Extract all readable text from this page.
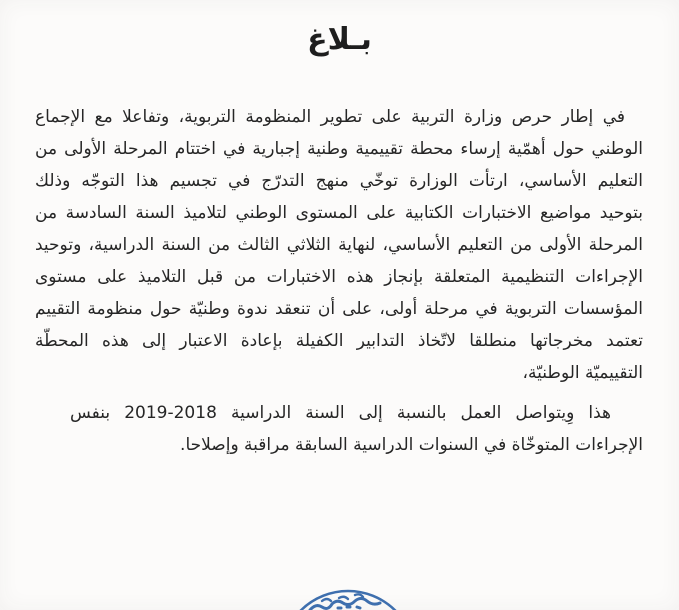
بـلاغ
في إطار حرص وزارة التربية على تطوير المنظومة التربوية، وتفاعلا مع الإجماع
الوطني حول أهمّية إرساء محطة تقييمية وطنية إجبارية في اختتام المرحلة الأولى من
التعليم الأساسي، ارتأت الوزارة توخّي منهج التدرّج في تجسيم هذا التوجّه وذلك
بتوحيد مواضيع الاختبارات الكتابية على المستوى الوطني لتلاميذ السنة السادسة من
المرحلة الأولى من التعليم الأساسي، لنهاية الثلاثي الثالث من السنة الدراسية، وتوحيد
الإجراءات التنظيمية المتعلقة بإنجاز هذه الاختبارات من قبل التلاميذ على مستوى
المؤسسات التربوية في مرحلة أولى، على أن تنعقد ندوة وطنيّة حول منظومة التقييم
تعتمد مخرجاتها منطلقا لاتّخاذ التدابير الكفيلة بإعادة الاعتبار إلى هذه المحطّة
التقييميّة الوطنيّة،
هذا وِيتواصل العمل بالنسبة إلى السنة الدراسية ‭2019-2018‬ بنفس
الإجراءات المتوخّاة في السنوات الدراسية السابقة مراقبة وإصلاحا.
